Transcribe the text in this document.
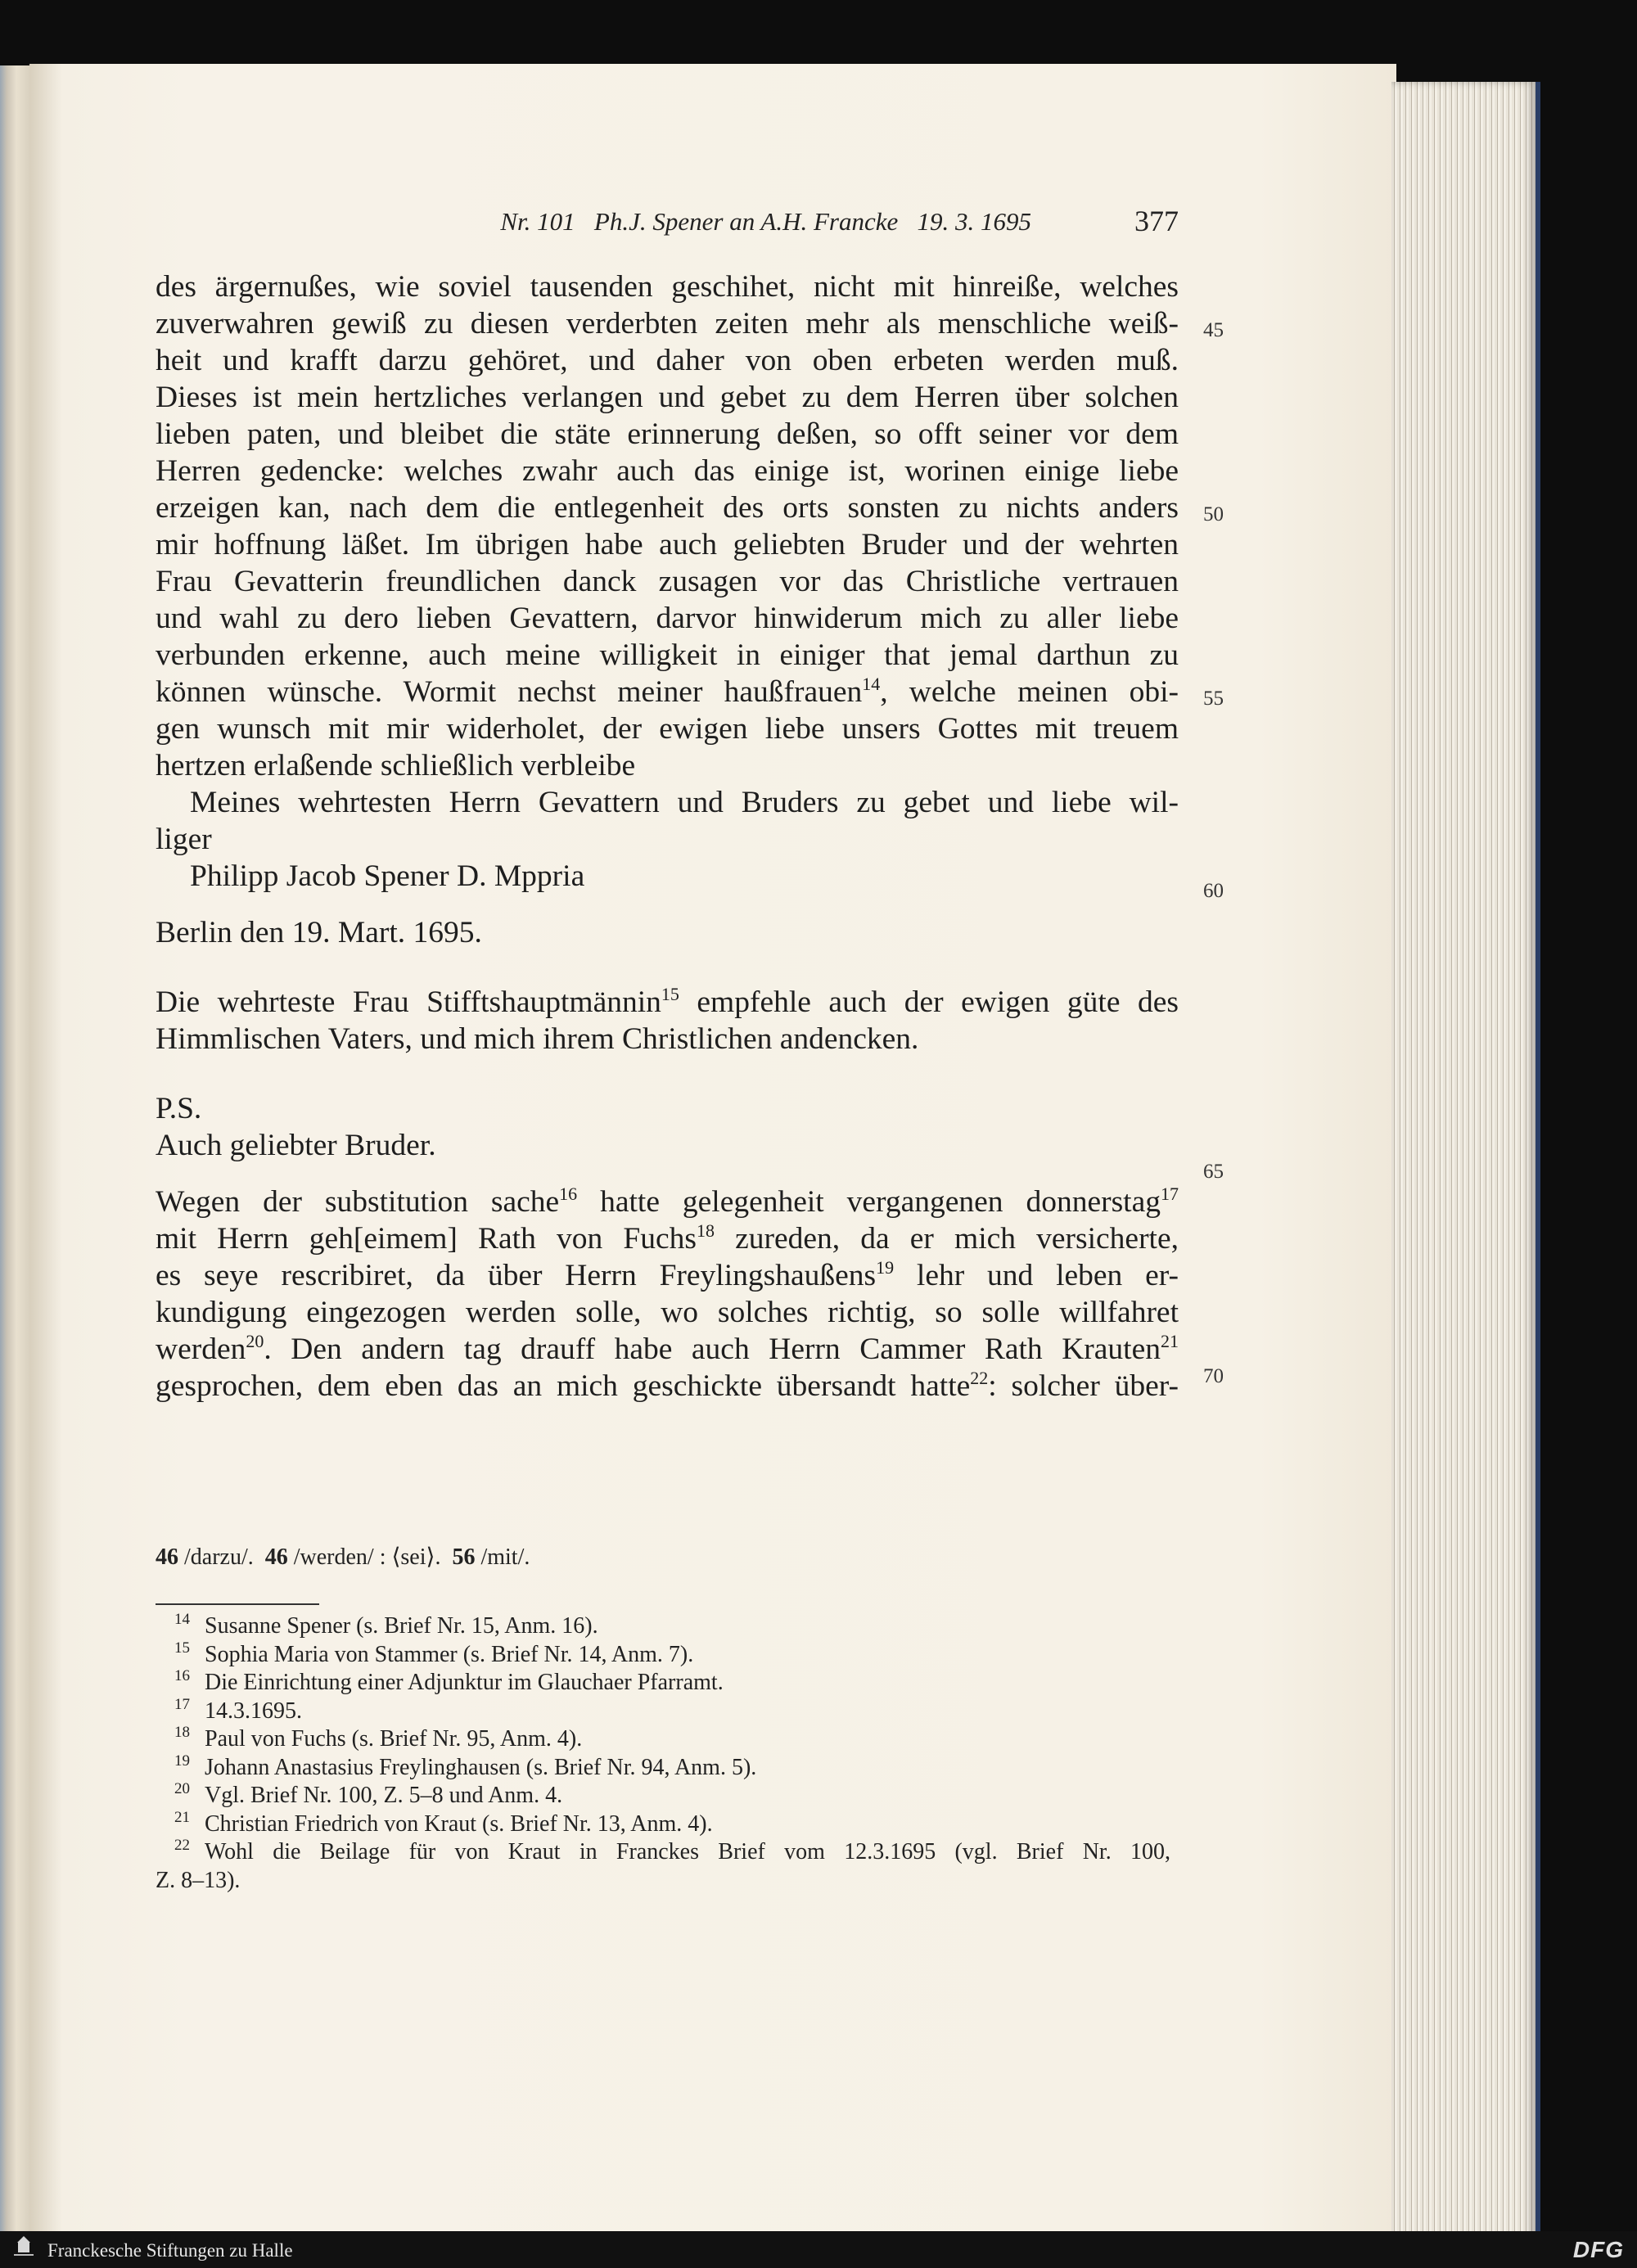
Nr. 101   Ph.J. Spener an A.H. Francke   19. 3. 1695	377
des ärgernußes, wie soviel tausenden geschihet, nicht mit hinreiße, welches
zuverwahren gewiß zu diesen verderbten zeiten mehr als menschliche weiß-
heit und krafft darzu gehöret, und daher von oben erbeten werden muß.
Dieses ist mein hertzliches verlangen und gebet zu dem Herren über solchen
lieben paten, und bleibet die stäte erinnerung deßen, so offt seiner vor dem
Herren gedencke: welches zwahr auch das einige ist, worinen einige liebe
erzeigen kan, nach dem die entlegenheit des orts sonsten zu nichts anders
mir hoffnung läßet. Im übrigen habe auch geliebten Bruder und der wehrten
Frau Gevatterin freundlichen danck zusagen vor das Christliche vertrauen
und wahl zu dero lieben Gevattern, darvor hinwiderum mich zu aller liebe
verbunden erkenne, auch meine willigkeit in einiger that jemal darthun zu
können wünsche. Wormit nechst meiner haußfrauen$^{14}$, welche meinen obi-
gen wunsch mit mir widerholet, der ewigen liebe unsers Gottes mit treuem
hertzen erlaßende schließlich verbleibe
Meines wehrtesten Herrn Gevattern und Bruders zu gebet und liebe wil-
liger
Philipp Jacob Spener D. Mppria
Berlin den 19. Mart. 1695.
Die wehrteste Frau Stifftshauptmännin$^{15}$ empfehle auch der ewigen güte des
Himmlischen Vaters, und mich ihrem Christlichen andencken.
P.S.
Auch geliebter Bruder.
Wegen der substitution sache$^{16}$ hatte gelegenheit vergangenen donnerstag$^{17}$
mit Herrn geh[eimem] Rath von Fuchs$^{18}$ zureden, da er mich versicherte,
es seye rescribiret, da über Herrn Freylingshaußens$^{19}$ lehr und leben er-
kundigung eingezogen werden solle, wo solches richtig, so solle willfahret
werden$^{20}$. Den andern tag drauff habe auch Herrn Cammer Rath Krauten$^{21}$
gesprochen, dem eben das an mich geschickte übersandt hatte$^{22}$: solcher über-
45
50
55
60
65
70
46 /darzu/.  46 /werden/ : ⟨sei⟩.  56 /mit/.
14 Susanne Spener (s. Brief Nr. 15, Anm. 16).
15 Sophia Maria von Stammer (s. Brief Nr. 14, Anm. 7).
16 Die Einrichtung einer Adjunktur im Glauchaer Pfarramt.
17 14.3.1695.
18 Paul von Fuchs (s. Brief Nr. 95, Anm. 4).
19 Johann Anastasius Freylinghausen (s. Brief Nr. 94, Anm. 5).
20 Vgl. Brief Nr. 100, Z. 5–8 und Anm. 4.
21 Christian Friedrich von Kraut (s. Brief Nr. 13, Anm. 4).
22 Wohl die Beilage für von Kraut in Franckes Brief vom 12.3.1695 (vgl. Brief Nr. 100,
Z. 8–13).
Franckesche Stiftungen zu Halle	DFG
